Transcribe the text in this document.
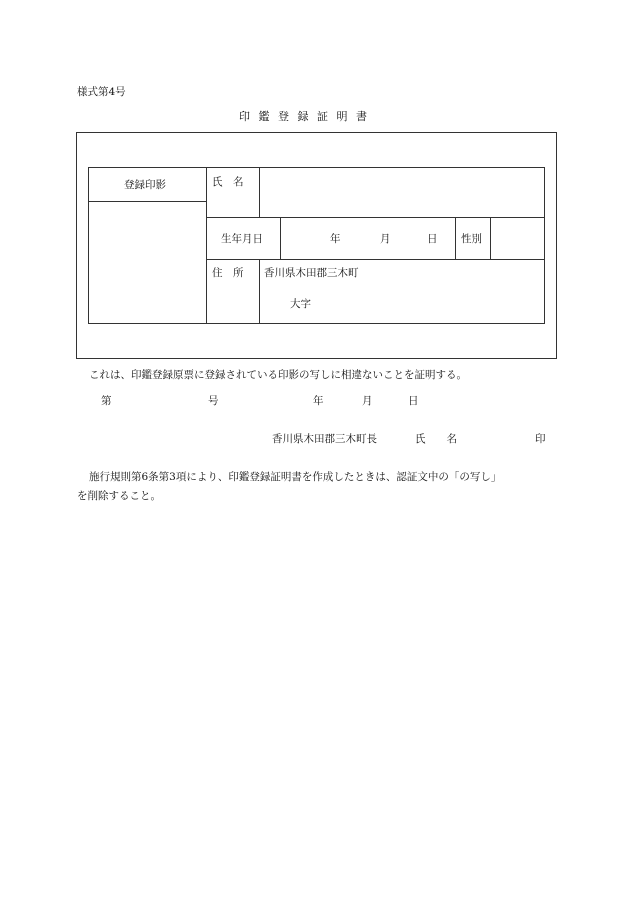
様式第4号
印鑑登録証明書
登録印影	氏　名
生年月日	年	月	日 性別
住　所 香川県木田郡三木町
大字
これは、印鑑登録原票に登録されている印影の写しに相違ないことを証明する。
第	号	年	月	日
香川県木田郡三木町長	氏　　名	印
施行規則第6条第3項により、印鑑登録証明書を作成したときは、認証文中の「の写し」
を削除すること。
